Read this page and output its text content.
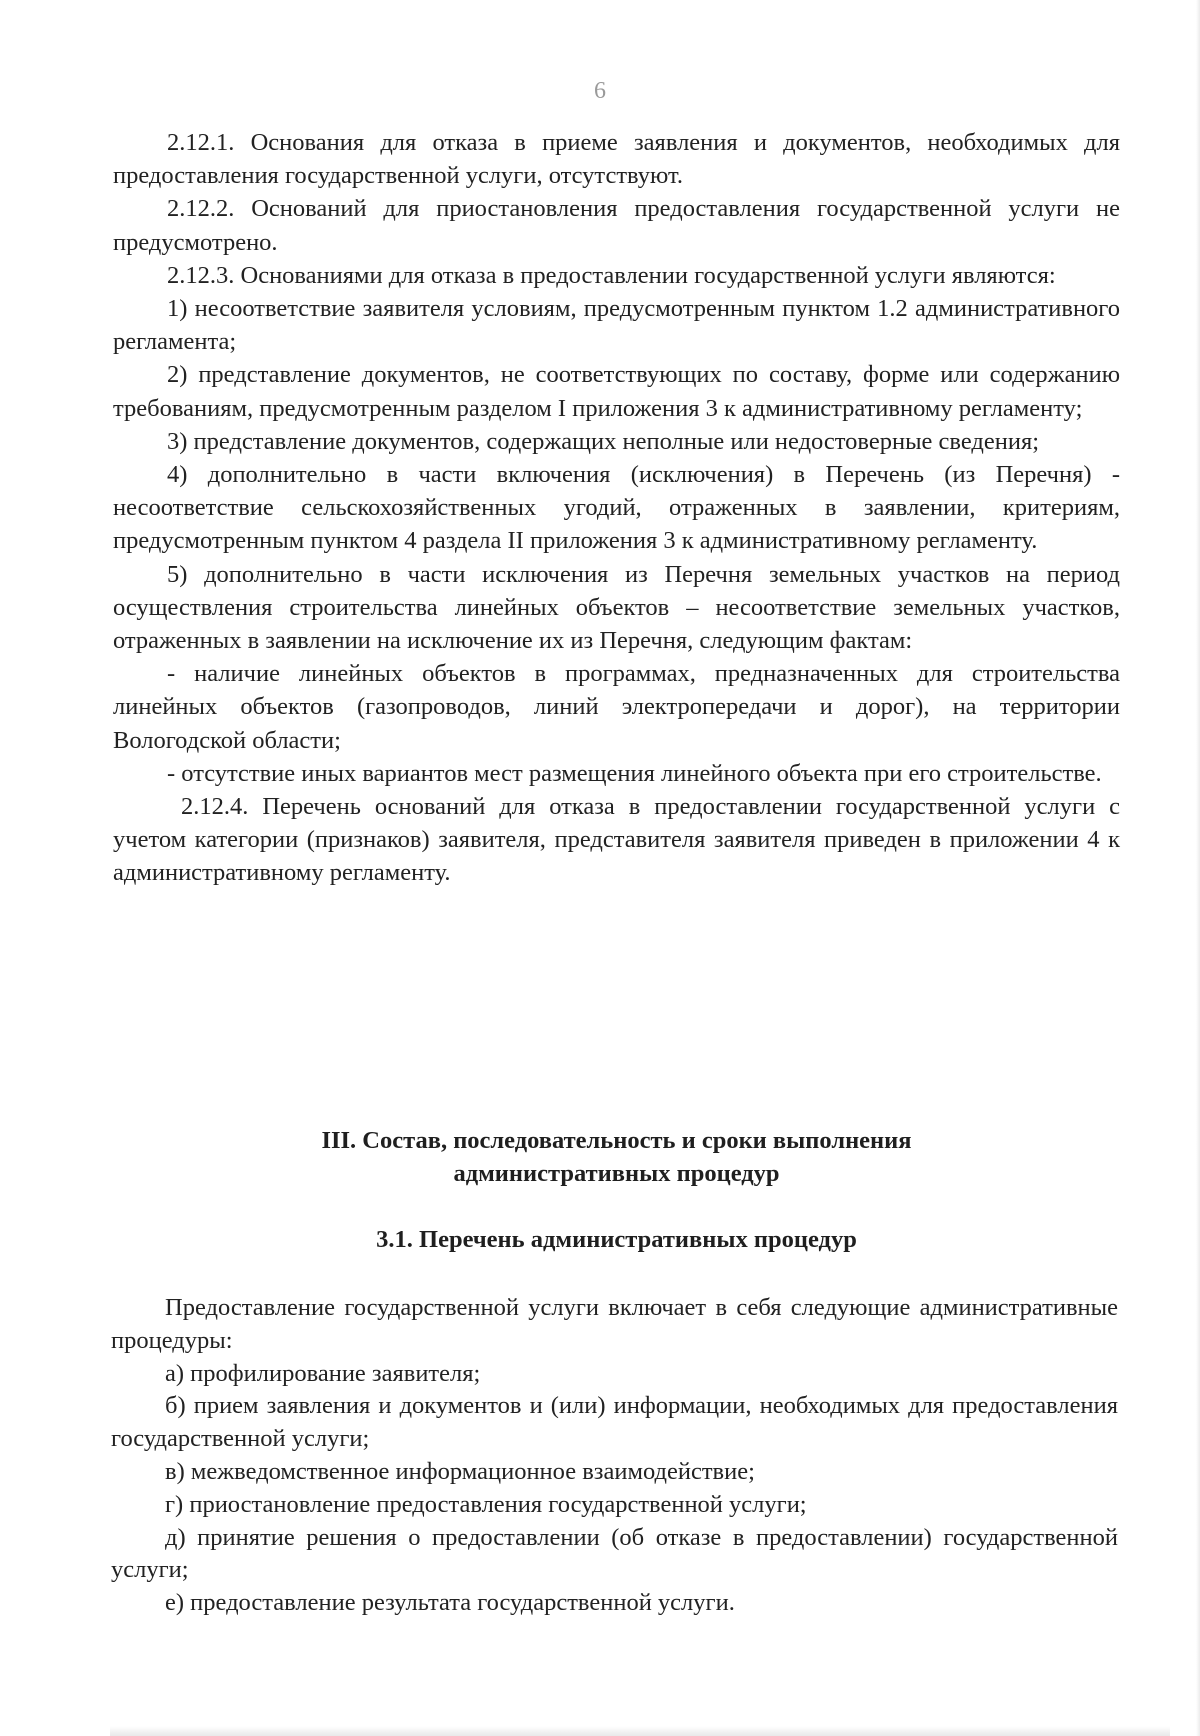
6

2.12.1. Основания для отказа в приеме заявления и документов, необходимых для предоставления государственной услуги, отсутствуют.

2.12.2. Оснований для приостановления предоставления государственной услуги не предусмотрено.

2.12.3. Основаниями для отказа в предоставлении государственной услуги являются:

1) несоответствие заявителя условиям, предусмотренным пунктом 1.2 административного регламента;

2) представление документов, не соответствующих по составу, форме или содержанию требованиям, предусмотренным разделом I приложения 3 к административному регламенту;

3) представление документов, содержащих неполные или недостоверные сведения;

4) дополнительно в части включения (исключения) в Перечень (из Перечня) - несоответствие сельскохозяйственных угодий, отраженных в заявлении, критериям, предусмотренным пунктом 4 раздела II приложения 3 к административному регламенту.

5) дополнительно в части исключения из Перечня земельных участков на период осуществления строительства линейных объектов – несоответствие земельных участков, отраженных в заявлении на исключение их из Перечня, следующим фактам:

- наличие линейных объектов в программах, предназначенных для строительства линейных объектов (газопроводов, линий электропередачи и дорог), на территории Вологодской области;

- отсутствие иных вариантов мест размещения линейного объекта при его строительстве.

2.12.4. Перечень оснований для отказа в предоставлении государственной услуги с учетом категории (признаков) заявителя, представителя заявителя приведен в приложении 4 к административному регламенту.

III. Состав, последовательность и сроки выполнения
административных процедур
3.1. Перечень административных процедур

Предоставление государственной услуги включает в себя следующие административные процедуры:

а) профилирование заявителя;

б) прием заявления и документов и (или) информации, необходимых для предоставления государственной услуги;

в) межведомственное информационное взаимодействие;

г) приостановление предоставления государственной услуги;

д) принятие решения о предоставлении (об отказе в предоставлении) государственной услуги;

е) предоставление результата государственной услуги.
